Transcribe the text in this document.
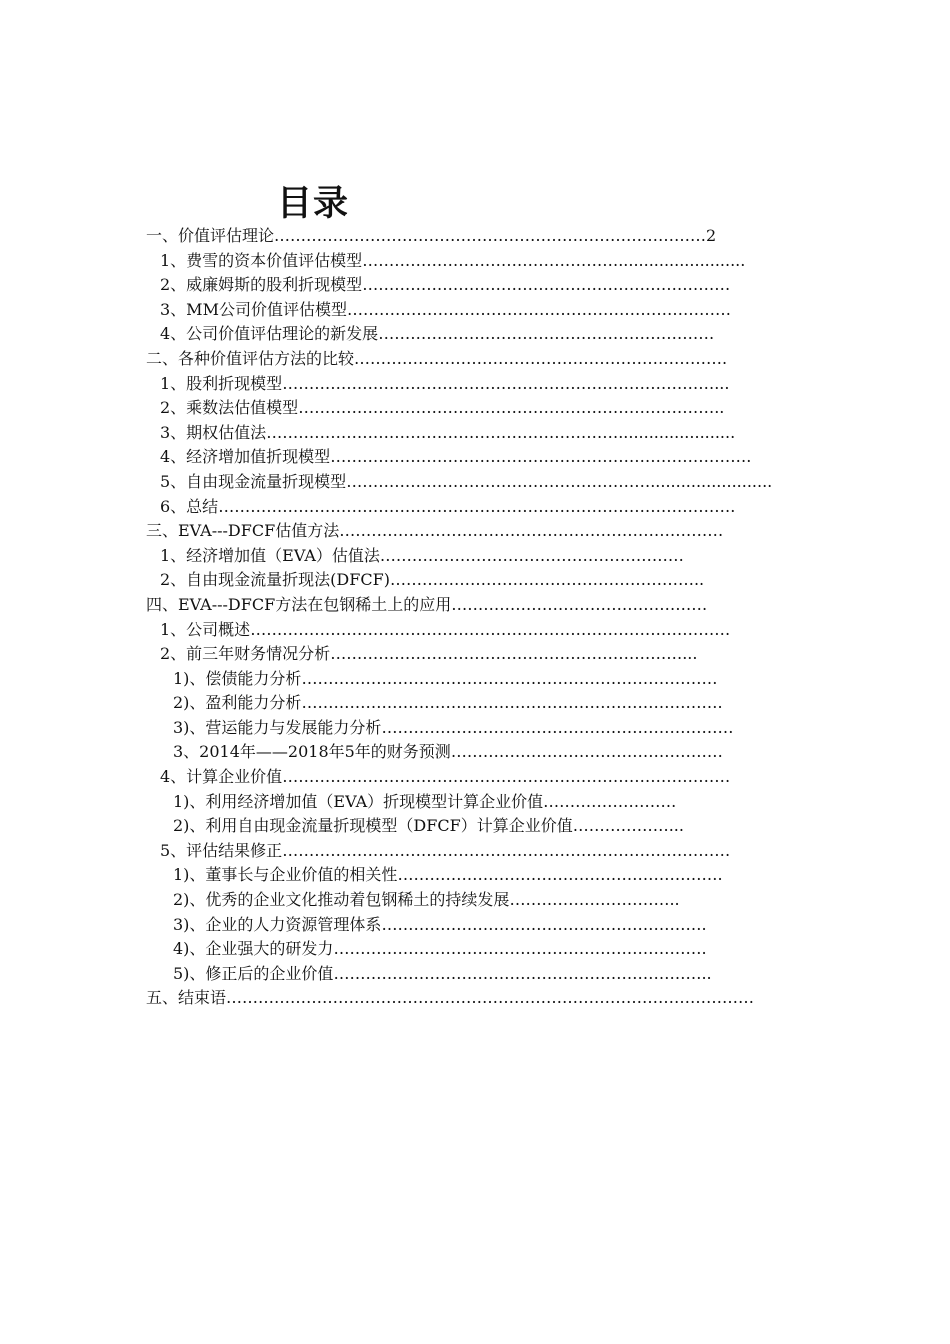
目录
一、价值评估理论………………………………………………………………………2
1、费雪的资本价值评估模型………………………………………….........................
2、威廉姆斯的股利折现模型……………………………………………………………
3、MM公司价值评估模型………………………………………………………………
4、公司价值评估理论的新发展………………………………………………………
二、各种价值评估方法的比较…………………………………………………………….
1、股利折现模型………………………………………………………………………...
2、乘数法估值模型……………………………………………………………………..
3、期权估值法………………………………………………………….......................
4、经济增加值折现模型…………………………………………………………………….
5、自由现金流量折现模型…………………………………………………........................
6、总结…………………………………………………………………………………….
三、EVA---DFCF估值方法………………………………………………………………
1、经济增加值（EVA）估值法…………………………………………………
2、自由现金流量折现法(DFCF)…………………………………………………..
四、EVA---DFCF方法在包钢稀土上的应用…………………………………………
1、公司概述………………………………………………………………………………
2、前三年财务情况分析…………………………………………………………...
1)、偿债能力分析……………………………………………………………………
2)、盈利能力分析…………………………………………………………………….
3)、营运能力与发展能力分析…………………………………………………………
3、2014年——2018年5年的财务预测……………………………………………
4、计算企业价值…………………………………………………………………………
1)、利用经济增加值（EVA）折现模型计算企业价值…………………….
2)、利用自由现金流量折现模型（DFCF）计算企业价值………………...
5、评估结果修正…………………………………………………………………………
1)、董事长与企业价值的相关性…………………………………………………….
2)、优秀的企业文化推动着包钢稀土的持续发展…………………………..
3)、企业的人力资源管理体系…………………………………………………….
4)、企业强大的研发力…………………………………………………………….
5)、修正后的企业价值……………………………………………………………..
五、结束语………………………………………………………………………………………
